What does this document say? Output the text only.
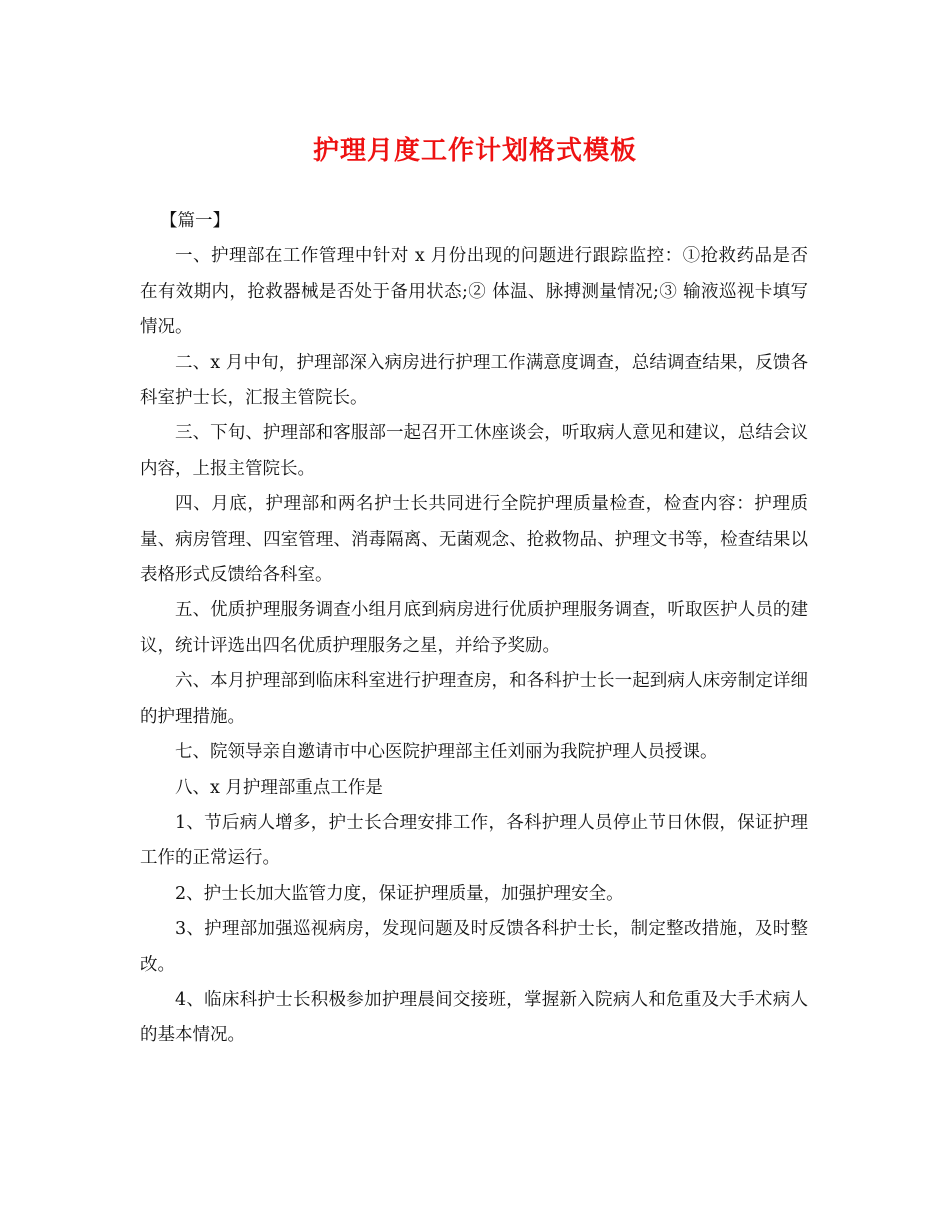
护理月度工作计划格式模板

【篇一】

一、护理部在工作管理中针对 x 月份出现的问题进行跟踪监控：①抢救药品是否在有效期内，抢救器械是否处于备用状态;② 体温、脉搏测量情况;③ 输液巡视卡填写情况。

二、x 月中旬，护理部深入病房进行护理工作满意度调查，总结调查结果，反馈各科室护士长，汇报主管院长。

三、下旬、护理部和客服部一起召开工休座谈会，听取病人意见和建议，总结会议内容，上报主管院长。

四、月底，护理部和两名护士长共同进行全院护理质量检查，检查内容：护理质量、病房管理、四室管理、消毒隔离、无菌观念、抢救物品、护理文书等，检查结果以表格形式反馈给各科室。

五、优质护理服务调查小组月底到病房进行优质护理服务调查，听取医护人员的建议，统计评选出四名优质护理服务之星，并给予奖励。

六、本月护理部到临床科室进行护理查房，和各科护士长一起到病人床旁制定详细的护理措施。

七、院领导亲自邀请市中心医院护理部主任刘丽为我院护理人员授课。

八、x 月护理部重点工作是

1、节后病人增多，护士长合理安排工作，各科护理人员停止节日休假，保证护理工作的正常运行。

2、护士长加大监管力度，保证护理质量，加强护理安全。

3、护理部加强巡视病房，发现问题及时反馈各科护士长，制定整改措施，及时整改。

4、临床科护士长积极参加护理晨间交接班，掌握新入院病人和危重及大手术病人的基本情况。
